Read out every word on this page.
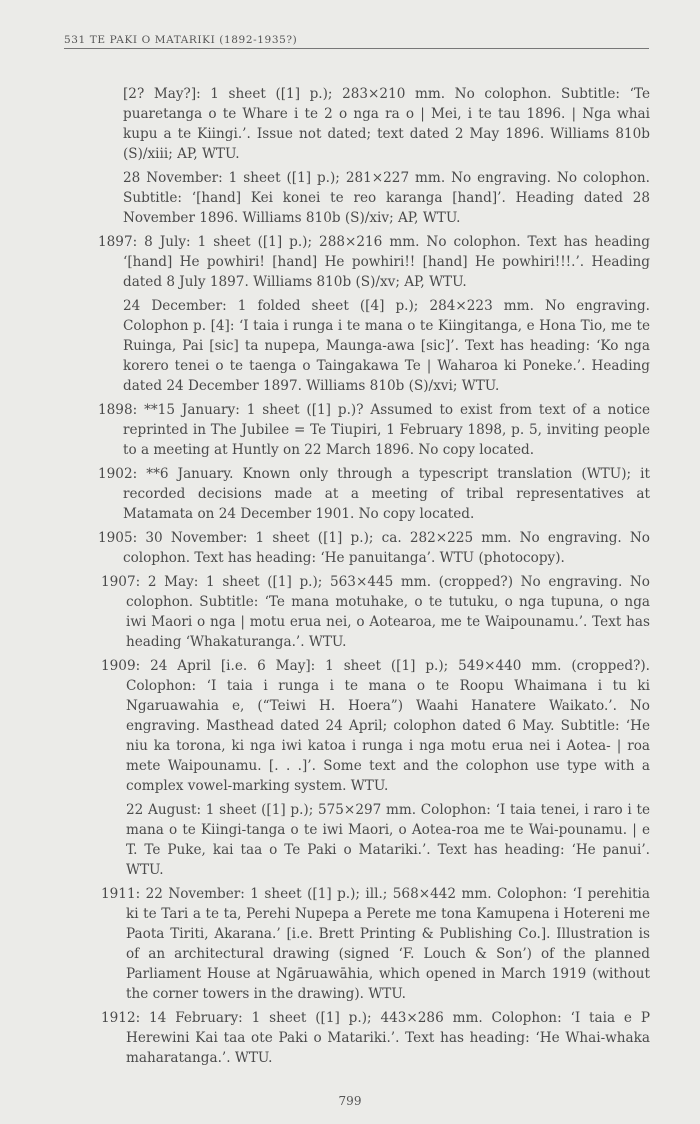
531 TE PAKI O MATARIKI (1892-1935?)

[2? May?]: 1 sheet ([1] p.); 283×210 mm. No colophon. Subtitle: ‘Te puaretanga o te Whare i te 2 o nga ra o | Mei, i te tau 1896. | Nga whai kupu a te Kiingi.’. Issue not dated; text dated 2 May 1896. Williams 810b (S)/xiii; AP, WTU.

28 November: 1 sheet ([1] p.); 281×227 mm. No engraving. No colophon. Subtitle: ‘[hand] Kei konei te reo karanga [hand]’. Heading dated 28 November 1896. Williams 810b (S)/xiv; AP, WTU.

1897: 8 July: 1 sheet ([1] p.); 288×216 mm. No colophon. Text has heading ‘[hand] He powhiri! [hand] He powhiri!! [hand] He powhiri!!!.’. Heading dated 8 July 1897. Williams 810b (S)/xv; AP, WTU.

24 December: 1 folded sheet ([4] p.); 284×223 mm. No engraving. Colophon p. [4]: ‘I taia i runga i te mana o te Kiingitanga, e Hona Tio, me te Ruinga, Pai [sic] ta nupepa, Maunga-awa [sic]’. Text has heading: ‘Ko nga korero tenei o te taenga o Taingakawa Te | Waharoa ki Poneke.’. Heading dated 24 December 1897. Williams 810b (S)/xvi; WTU.

1898: **15 January: 1 sheet ([1] p.)? Assumed to exist from text of a notice reprinted in The Jubilee = Te Tiupiri, 1 February 1898, p. 5, inviting people to a meeting at Huntly on 22 March 1896. No copy located.

1902: **6 January. Known only through a typescript translation (WTU); it recorded decisions made at a meeting of tribal representatives at Matamata on 24 December 1901. No copy located.

1905: 30 November: 1 sheet ([1] p.); ca. 282×225 mm. No engraving. No colophon. Text has heading: ‘He panuitanga’. WTU (photocopy).

1907: 2 May: 1 sheet ([1] p.); 563×445 mm. (cropped?) No engraving. No colophon. Subtitle: ‘Te mana motuhake, o te tutuku, o nga tupuna, o nga iwi Maori o nga | motu erua nei, o Aotearoa, me te Waipounamu.’. Text has heading ‘Whakaturanga.’. WTU.

1909: 24 April [i.e. 6 May]: 1 sheet ([1] p.); 549×440 mm. (cropped?). Colophon: ‘I taia i runga i te mana o te Roopu Whaimana i tu ki Ngaruawahia e, (“Teiwi H. Hoera”) Waahi Hanatere Waikato.’. No engraving. Masthead dated 24 April; colophon dated 6 May. Subtitle: ‘He niu ka torona, ki nga iwi katoa i runga i nga motu erua nei i Aotea- | roa mete Waipounamu. [. . .]’. Some text and the colophon use type with a complex vowel-marking system. WTU.

22 August: 1 sheet ([1] p.); 575×297 mm. Colophon: ‘I taia tenei, i raro i te mana o te Kiingi-tanga o te iwi Maori, o Aotea-roa me te Wai-pounamu. | e T. Te Puke, kai taa o Te Paki o Matariki.’. Text has heading: ‘He panui’. WTU.

1911: 22 November: 1 sheet ([1] p.); ill.; 568×442 mm. Colophon: ‘I perehitia ki te Tari a te ta, Perehi Nupepa a Perete me tona Kamupena i Hotereni me Paota Tiriti, Akarana.’ [i.e. Brett Printing & Publishing Co.]. Illustration is of an architectural drawing (signed ‘F. Louch & Son’) of the planned Parliament House at Ngāruawāhia, which opened in March 1919 (without the corner towers in the drawing). WTU.

1912: 14 February: 1 sheet ([1] p.); 443×286 mm. Colophon: ‘I taia e P Herewini Kai taa ote Paki o Matariki.’. Text has heading: ‘He Whai-whaka maharatanga.’. WTU.

799
